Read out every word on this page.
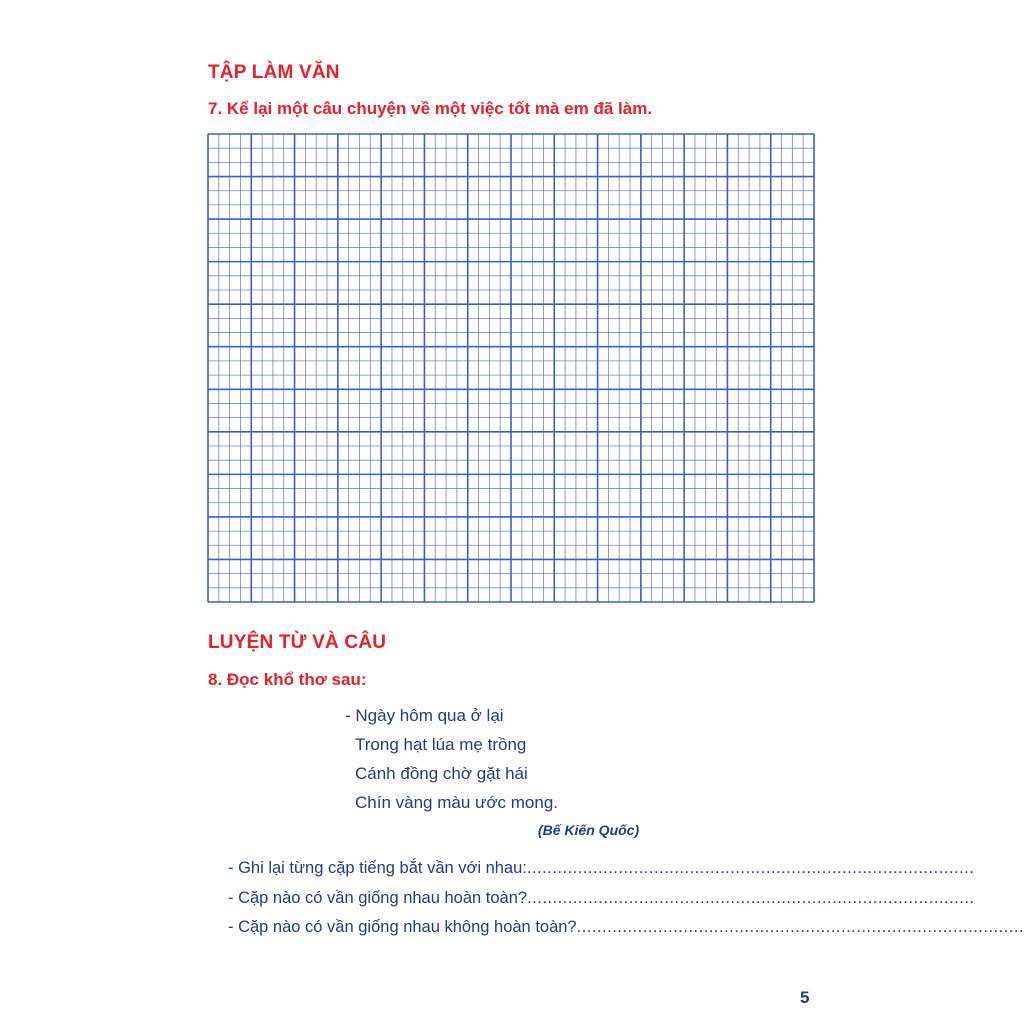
TẬP LÀM VĂN
7. Kể lại một câu chuyện về một việc tốt mà em đã làm.
LUYỆN TỪ VÀ CÂU
8. Đọc khổ thơ sau:
- Ngày hôm qua ở lại
Trong hạt lúa mẹ trồng
Cánh đồng chờ gặt hái
Chín vàng màu ước mong.
(Bế Kiến Quốc)
- Ghi lại từng cặp tiếng bắt vần với nhau: ........................................................................................
- Cặp nào có vần giống nhau hoàn toàn? ........................................................................................
- Cặp nào có vần giống nhau không hoàn toàn? ........................................................................................
5
